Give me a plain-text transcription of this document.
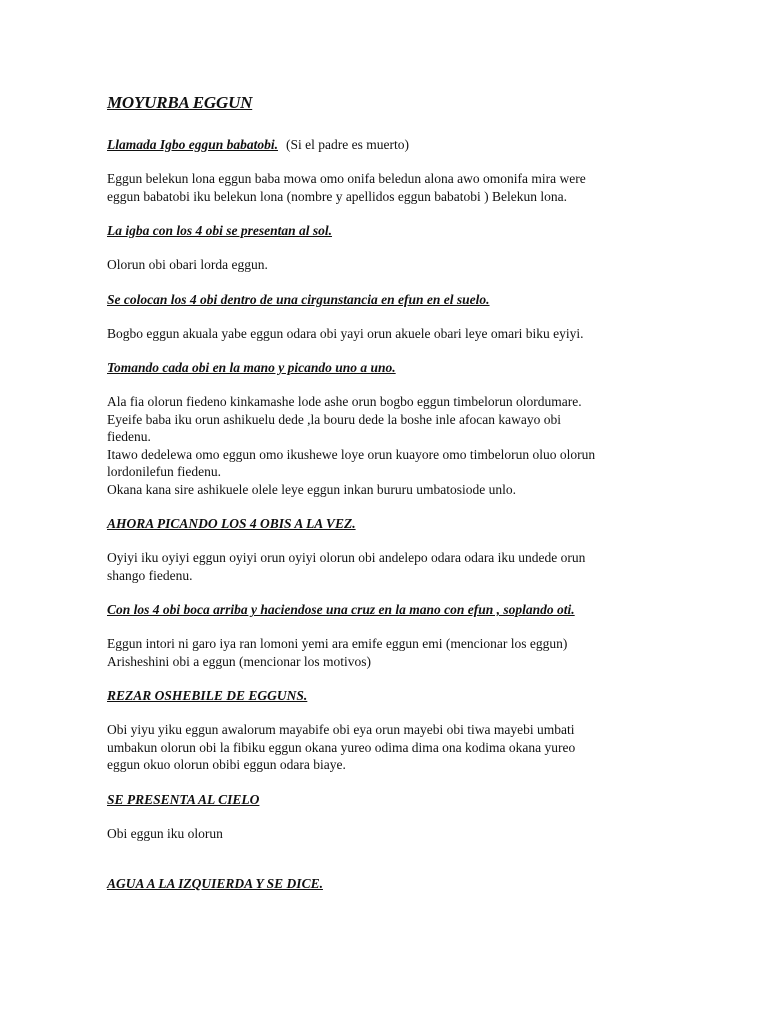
MOYURBA EGGUN
Llamada Igbo eggun babatobi. (Si el padre es muerto)
Eggun belekun lona eggun baba mowa omo onifa beledun alona awo omonifa mira were
eggun babatobi iku belekun lona (nombre y apellidos eggun babatobi ) Belekun lona.
La igba con los 4 obi se presentan al sol.
Olorun obi obari lorda eggun.
Se colocan los 4 obi dentro de una cirgunstancia en efun en el suelo.
Bogbo eggun akuala yabe eggun odara obi yayi orun akuele obari leye omari biku eyiyi.
Tomando cada obi en la mano y picando uno a uno.
Ala fia olorun fiedeno kinkamashe lode ashe orun bogbo eggun timbelorun olordumare.
Eyeife baba iku orun ashikuelu dede ,la bouru dede la boshe inle afocan kawayo obi
fiedenu.
Itawo dedelewa omo eggun omo ikushewe loye orun kuayore omo timbelorun oluo olorun
lordonilefun fiedenu.
Okana kana sire ashikuele olele leye eggun inkan bururu umbatosiode unlo.
AHORA PICANDO LOS 4 OBIS A LA VEZ.
Oyiyi iku oyiyi eggun oyiyi orun oyiyi olorun obi andelepo odara odara iku undede orun
shango fiedenu.
Con los 4 obi boca arriba y haciendose una cruz en la mano con efun , soplando oti.
Eggun intori ni garo iya ran lomoni yemi ara emife eggun emi (mencionar los eggun)
Arisheshini obi a eggun (mencionar los motivos)
REZAR OSHEBILE DE EGGUNS.
Obi yiyu yiku eggun awalorum mayabife obi eya orun mayebi obi tiwa mayebi umbati
umbakun olorun obi la fibiku eggun okana yureo odima dima ona kodima okana yureo
eggun okuo olorun obibi eggun odara biaye.
SE PRESENTA AL CIELO
Obi eggun iku olorun
AGUA A LA IZQUIERDA Y SE DICE.
